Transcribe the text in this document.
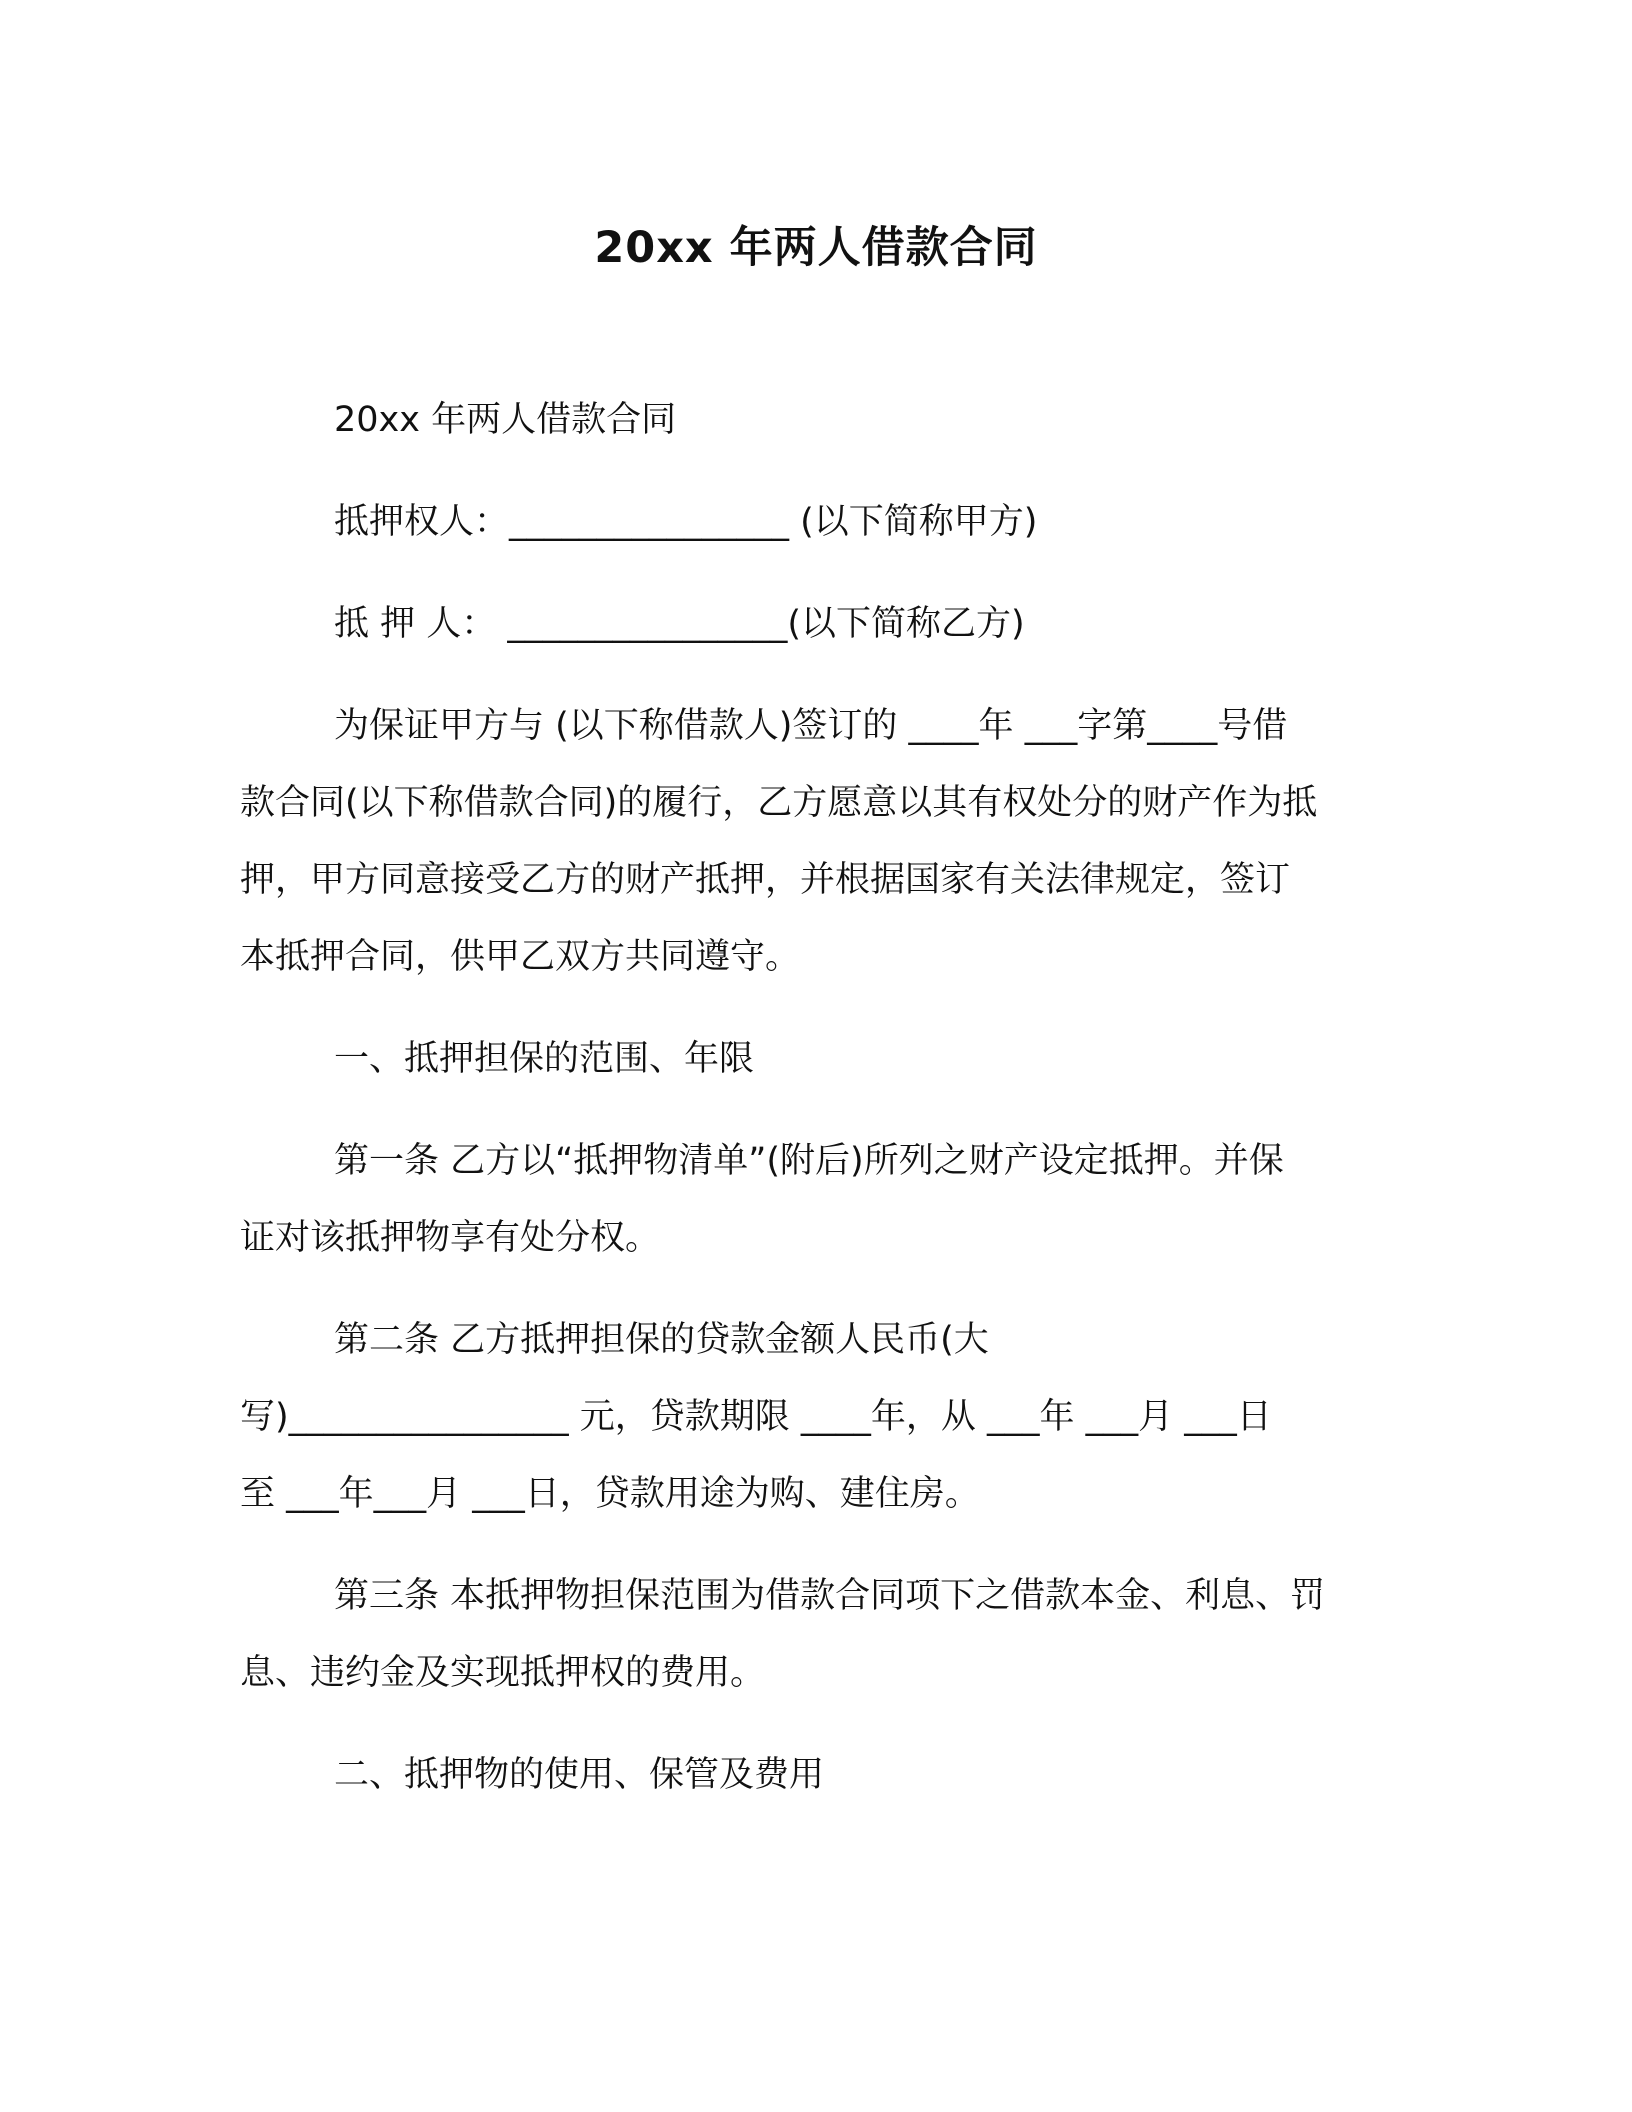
20xx 年两人借款合同
20xx 年两人借款合同
抵押权人：________________ (以下简称甲方)
抵 押 人： ________________(以下简称乙方)
为保证甲方与 (以下称借款人)签订的 ____年 ___字第____号借
款合同(以下称借款合同)的履行，乙方愿意以其有权处分的财产作为抵
押，甲方同意接受乙方的财产抵押，并根据国家有关法律规定，签订
本抵押合同，供甲乙双方共同遵守。
一、抵押担保的范围、年限
第一条 乙方以“抵押物清单”(附后)所列之财产设定抵押。并保
证对该抵押物享有处分权。
第二条 乙方抵押担保的贷款金额人民币(大
写)________________ 元，贷款期限 ____年，从 ___年 ___月 ___日
至 ___年___月 ___日，贷款用途为购、建住房。
第三条 本抵押物担保范围为借款合同项下之借款本金、利息、罚
息、违约金及实现抵押权的费用。
二、抵押物的使用、保管及费用
